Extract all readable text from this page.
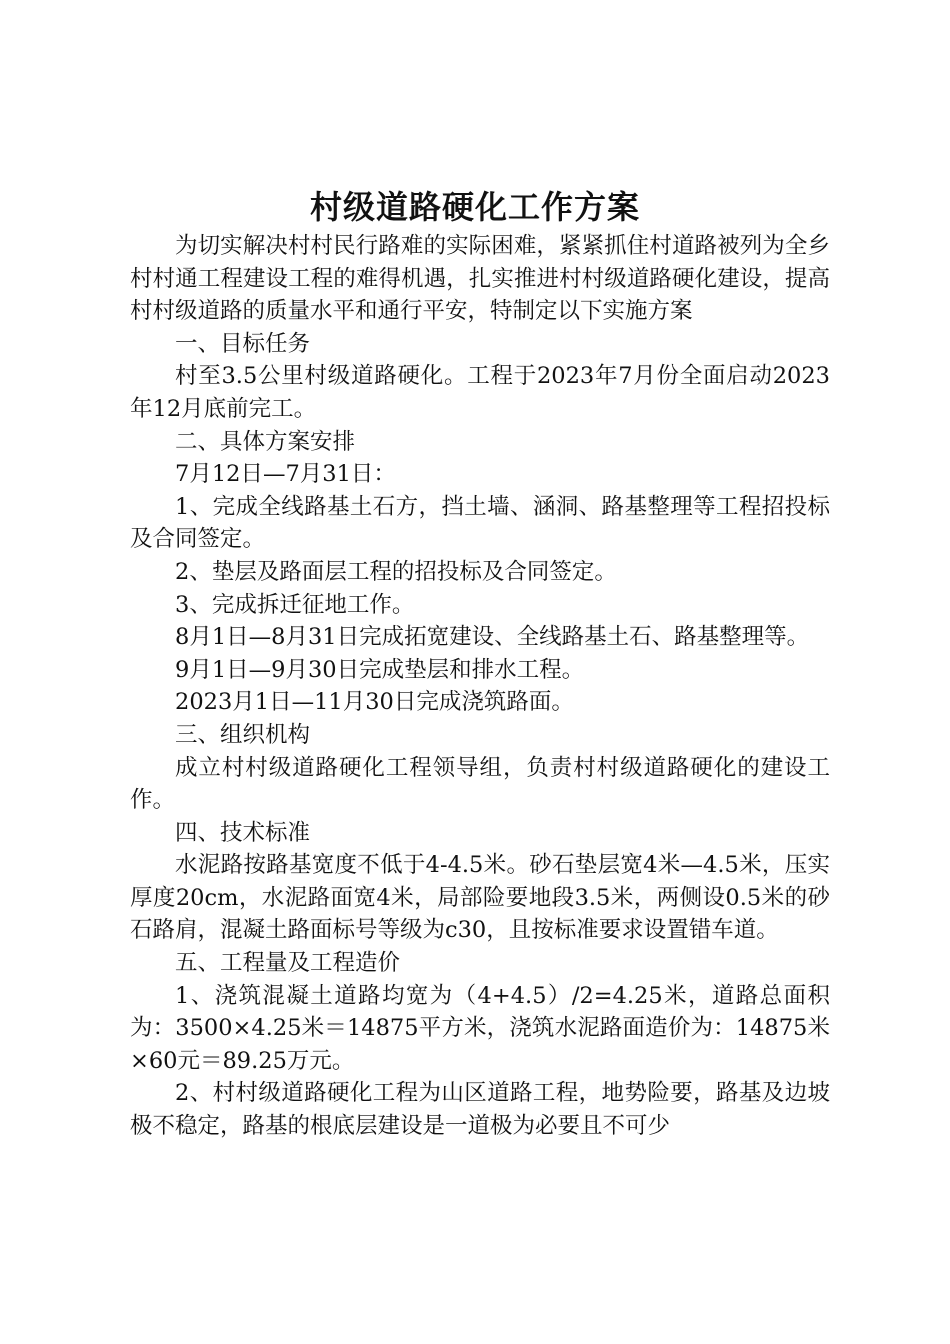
村级道路硬化工作方案

为切实解决村村民行路难的实际困难，紧紧抓住村道路被列为全乡村村通工程建设工程的难得机遇，扎实推进村村级道路硬化建设，提高村村级道路的质量水平和通行平安，特制定以下实施方案

一、目标任务

村至3.5公里村级道路硬化。工程于2023年7月份全面启动2023年12月底前完工。

二、具体方案安排

7月12日—7月31日：

1、完成全线路基土石方，挡土墙、涵洞、路基整理等工程招投标及合同签定。

2、垫层及路面层工程的招投标及合同签定。

3、完成拆迁征地工作。

8月1日—8月31日完成拓宽建设、全线路基土石、路基整理等。

9月1日—9月30日完成垫层和排水工程。

2023月1日—11月30日完成浇筑路面。

三、组织机构

成立村村级道路硬化工程领导组，负责村村级道路硬化的建设工作。

四、技术标准

水泥路按路基宽度不低于4-4.5米。砂石垫层宽4米—4.5米，压实厚度20cm，水泥路面宽4米，局部险要地段3.5米，两侧设0.5米的砂石路肩，混凝土路面标号等级为c30，且按标准要求设置错车道。

五、工程量及工程造价

1、浇筑混凝土道路均宽为（4+4.5）/2=4.25米，道路总面积为：3500×4.25米＝14875平方米，浇筑水泥路面造价为：14875米×60元＝89.25万元。

2、村村级道路硬化工程为山区道路工程，地势险要，路基及边坡极不稳定，路基的根底层建设是一道极为必要且不可少
